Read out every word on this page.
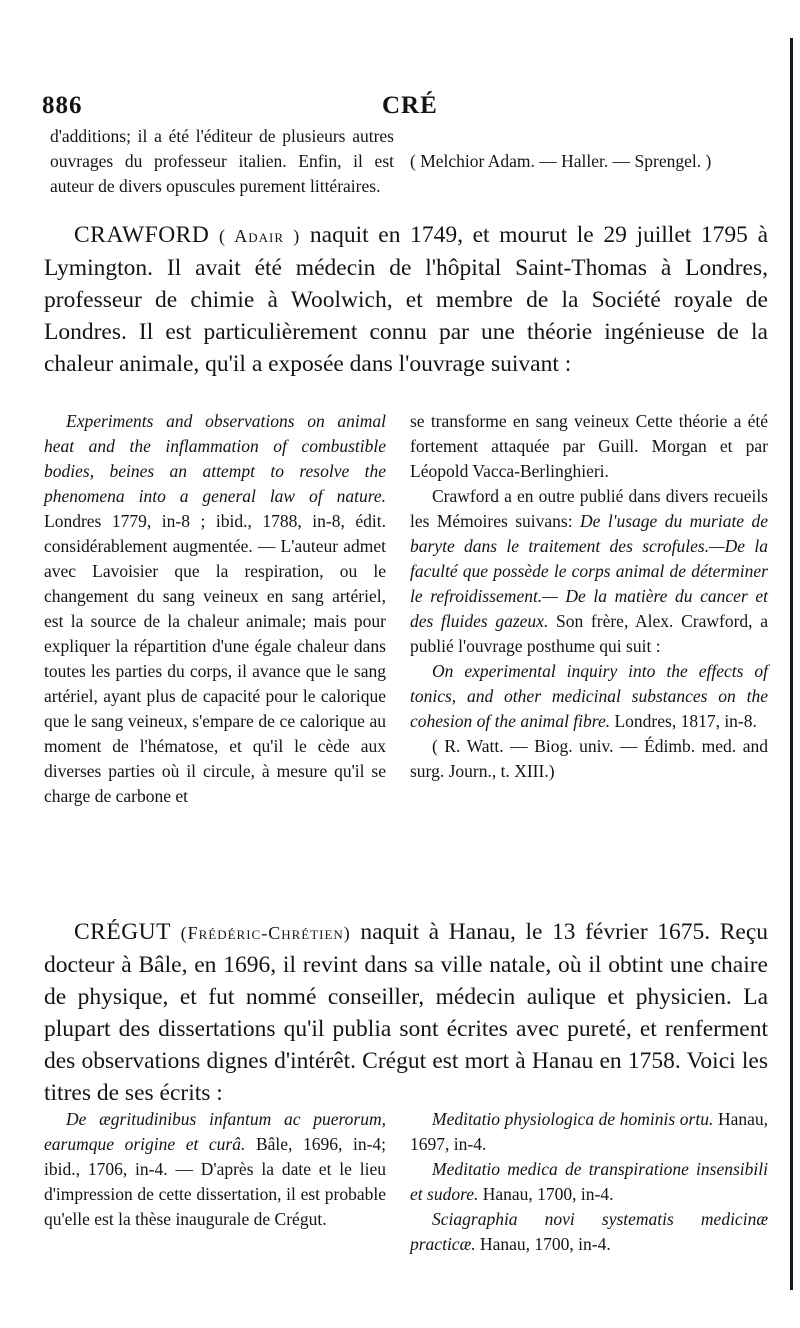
886	CRÉ

d'additions; il a été l'éditeur de plusieurs autres ouvrages du professeur italien. Enfin, il est auteur de divers opuscules purement littéraires.

( Melchior Adam. — Haller. — Sprengel. )

CRAWFORD ( Adair ) naquit en 1749, et mourut le 29 juillet 1795 à Lymington. Il avait été médecin de l'hôpital Saint-Thomas à Londres, professeur de chimie à Woolwich, et membre de la Société royale de Londres. Il est particulièrement connu par une théorie ingénieuse de la chaleur animale, qu'il a exposée dans l'ouvrage suivant :

Experiments and observations on animal heat and the inflammation of combustible bodies, beines an attempt to resolve the phenomena into a general law of nature. Londres 1779, in-8 ; ibid., 1788, in-8, édit. considérablement augmentée. — L'auteur admet avec Lavoisier que la respiration, ou le changement du sang veineux en sang artériel, est la source de la chaleur animale; mais pour expliquer la répartition d'une égale chaleur dans toutes les parties du corps, il avance que le sang artériel, ayant plus de capacité pour le calorique que le sang veineux, s'empare de ce calorique au moment de l'hématose, et qu'il le cède aux diverses parties où il circule, à mesure qu'il se charge de carbone et

se transforme en sang veineux Cette théorie a été fortement attaquée par Guill. Morgan et par Léopold Vacca-Berlinghieri.

Crawford a en outre publié dans divers recueils les Mémoires suivans: De l'usage du muriate de baryte dans le traitement des scrofules.—De la faculté que possède le corps animal de déterminer le refroidissement.— De la matière du cancer et des fluides gazeux. Son frère, Alex. Crawford, a publié l'ouvrage posthume qui suit :

On experimental inquiry into the effects of tonics, and other medicinal substances on the cohesion of the animal fibre. Londres, 1817, in-8.

( R. Watt. — Biog. univ. — Édimb. med. and surg. Journ., t. XIII.)

CRÉGUT (Frédéric-Chrétien) naquit à Hanau, le 13 février 1675. Reçu docteur à Bâle, en 1696, il revint dans sa ville natale, où il obtint une chaire de physique, et fut nommé conseiller, médecin aulique et physicien. La plupart des dissertations qu'il publia sont écrites avec pureté, et renferment des observations dignes d'intérêt. Crégut est mort à Hanau en 1758. Voici les titres de ses écrits :

De ægritudinibus infantum ac puerorum, earumque origine et curâ. Bâle, 1696, in-4; ibid., 1706, in-4. — D'après la date et le lieu d'impression de cette dissertation, il est probable qu'elle est la thèse inaugurale de Crégut.

Meditatio physiologica de hominis ortu. Hanau, 1697, in-4.

Meditatio medica de transpiratione insensibili et sudore. Hanau, 1700, in-4.

Sciagraphia novi systematis medicinæ practicæ. Hanau, 1700, in-4.
